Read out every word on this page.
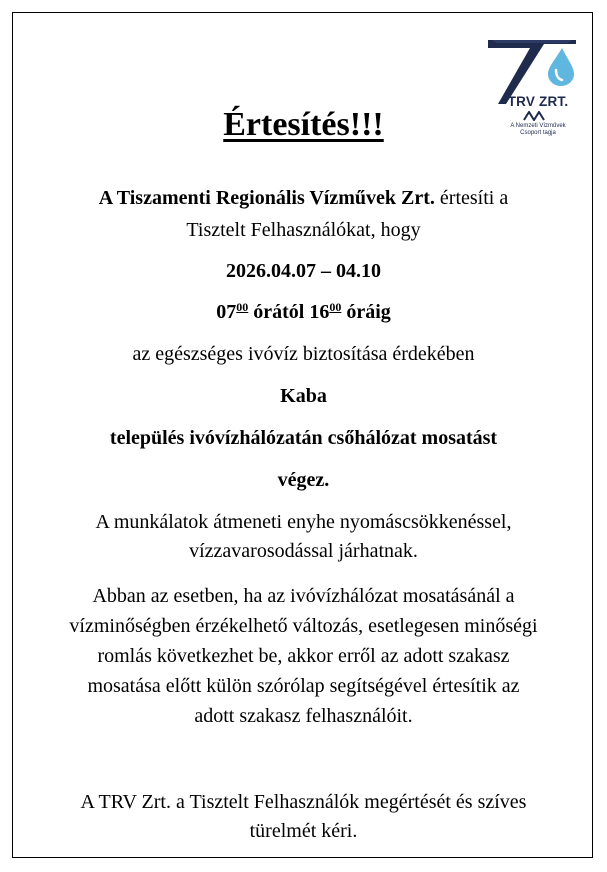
TRV ZRT.
A Nemzeti Vízművek
Csoport tagja
Értesítés!!!
A Tiszamenti Regionális Vízművek Zrt. értesíti a
Tisztelt Felhasználókat, hogy
2026.04.07 – 04.10
$07^{00}$ órától $16^{00}$ óráig
az egészséges ivóvíz biztosítása érdekében
Kaba
település ivóvízhálózatán csőhálózat mosatást
végez.
A munkálatok átmeneti enyhe nyomáscsökkenéssel,
vízzavarosodással járhatnak.
Abban az esetben, ha az ivóvízhálózat mosatásánál a
vízminőségben érzékelhető változás, esetlegesen minőségi
romlás következhet be, akkor erről az adott szakasz
mosatása előtt külön szórólap segítségével értesítik az
adott szakasz felhasználóit.
A TRV Zrt. a Tisztelt Felhasználók megértését és szíves
türelmét kéri.
